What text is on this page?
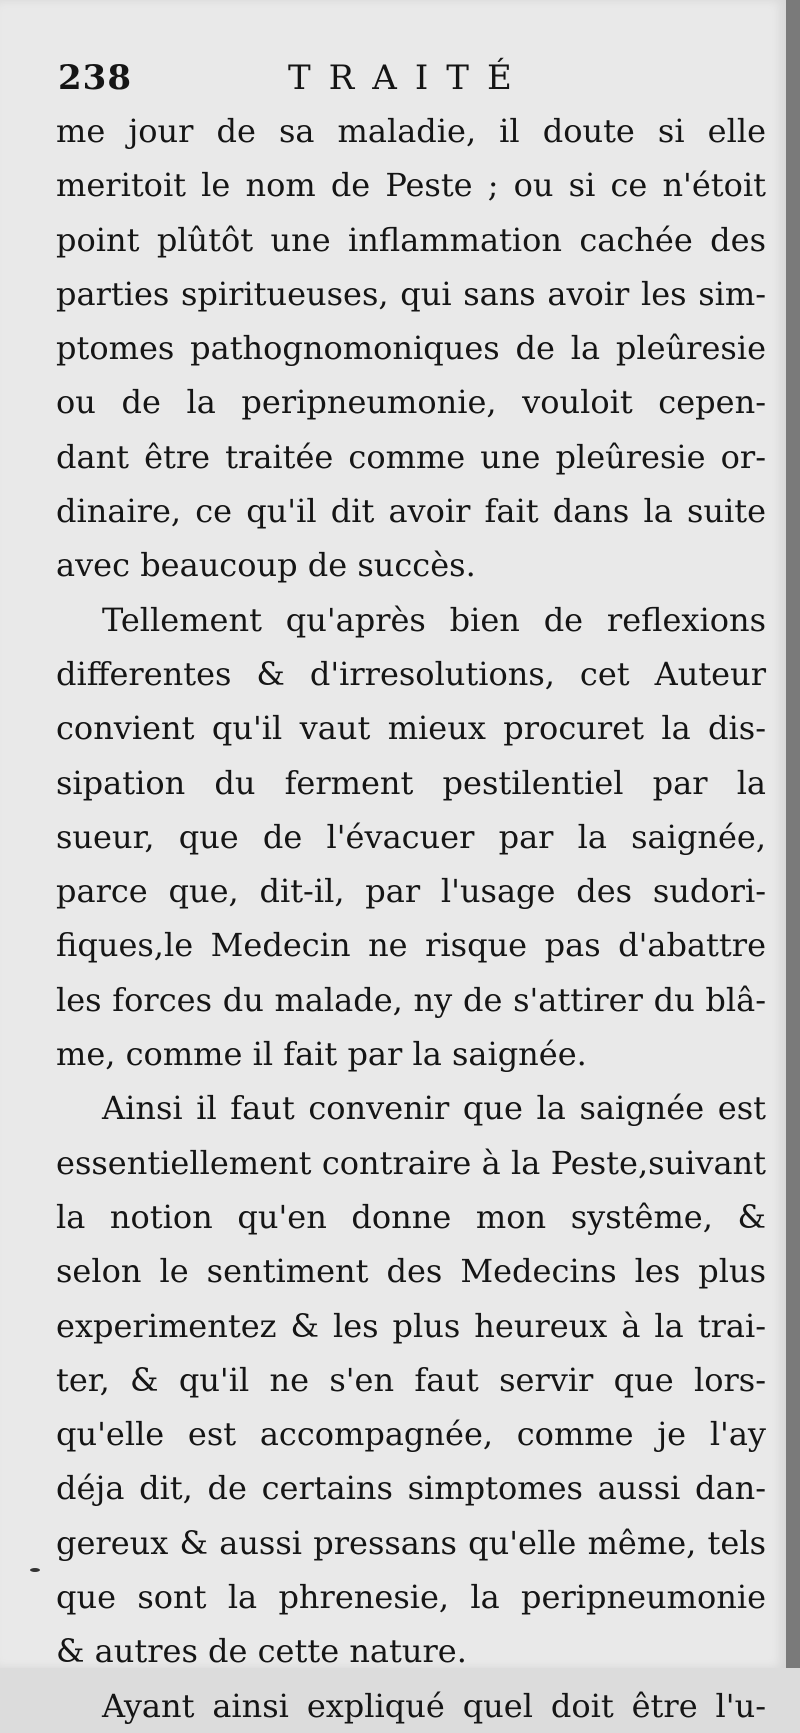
238	TRAITÉ
me jour de sa maladie, il doute si elle
meritoit le nom de Peste ; ou si ce n'étoit
point plûtôt une inflammation cachée des
parties spiritueuses, qui sans avoir les sim-
ptomes pathognomoniques de la pleûresie
ou de la peripneumonie, vouloit cepen-
dant être traitée comme une pleûresie or-
dinaire, ce qu'il dit avoir fait dans la suite
avec beaucoup de succès.
Tellement qu'après bien de reflexions
differentes & d'irresolutions, cet Auteur
convient qu'il vaut mieux procuret la dis-
sipation du ferment pestilentiel par la
sueur, que de l'évacuer par la saignée,
parce que, dit-il, par l'usage des sudori-
fiques,le Medecin ne risque pas d'abattre
les forces du malade, ny de s'attirer du blâ-
me, comme il fait par la saignée.
Ainsi il faut convenir que la saignée est
essentiellement contraire à la Peste,suivant
la notion qu'en donne mon systême, &
selon le sentiment des Medecins les plus
experimentez & les plus heureux à la trai-
ter, & qu'il ne s'en faut servir que lors-
qu'elle est accompagnée, comme je l'ay
déja dit, de certains simptomes aussi dan-
gereux & aussi pressans qu'elle même, tels
que sont la phrenesie, la peripneumonie
& autres de cette nature.
Ayant ainsi expliqué quel doit être l'u-
